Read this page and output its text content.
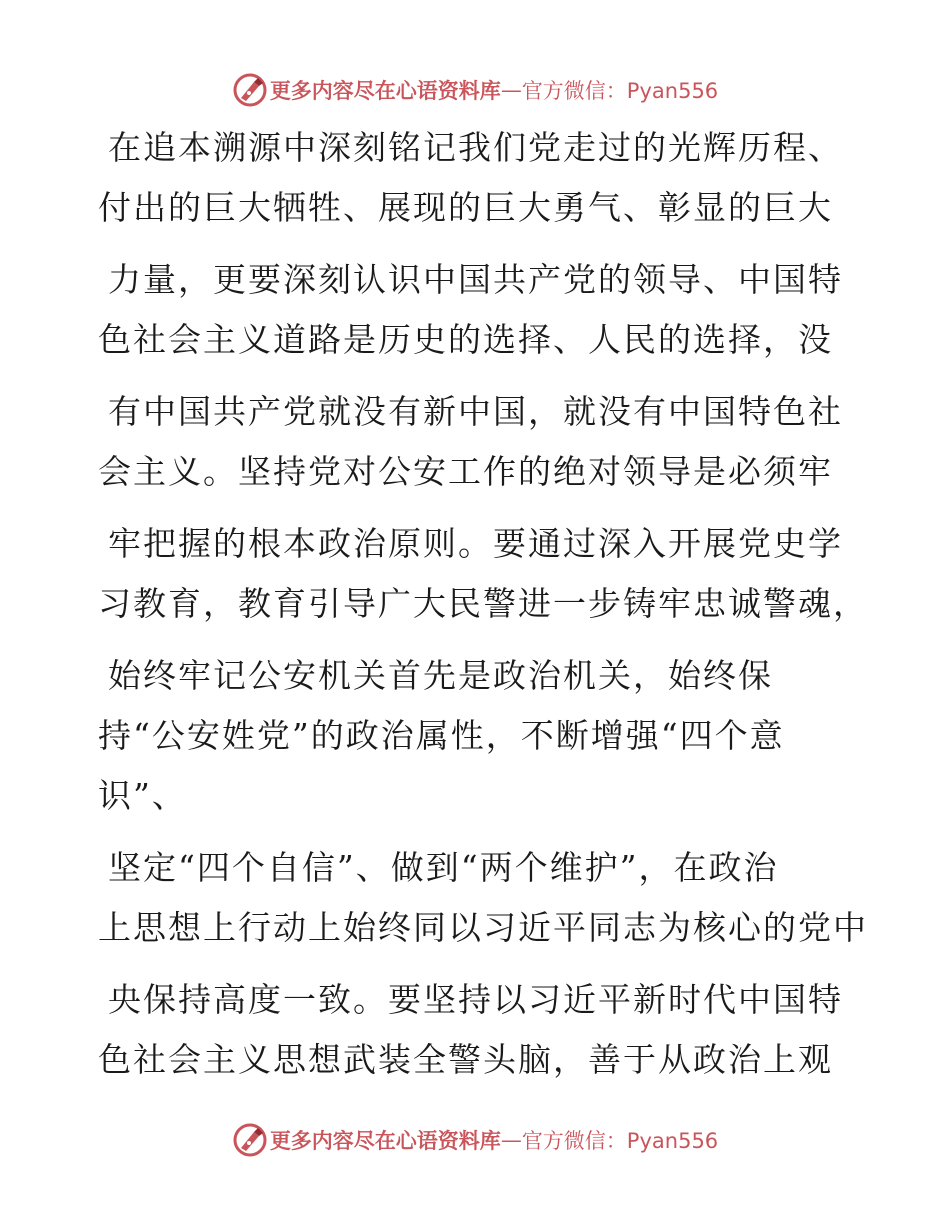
更多内容尽在心语资料库 — 官方微信：Pyan556
在追本溯源中深刻铭记我们党走过的光辉历程、
付出的巨大牺牲、展现的巨大勇气、彰显的巨大
力量，更要深刻认识中国共产党的领导、中国特
色社会主义道路是历史的选择、人民的选择，没
有中国共产党就没有新中国，就没有中国特色社
会主义。坚持党对公安工作的绝对领导是必须牢
牢把握的根本政治原则。要通过深入开展党史学
习教育，教育引导广大民警进一步铸牢忠诚警魂，
始终牢记公安机关首先是政治机关，始终保
持“公安姓党”的政治属性，不断增强“四个意
识”、
坚定“四个自信”、做到“两个维护”，在政治
上思想上行动上始终同以习近平同志为核心的党中
央保持高度一致。要坚持以习近平新时代中国特
色社会主义思想武装全警头脑，善于从政治上观
更多内容尽在心语资料库 — 官方微信：Pyan556
